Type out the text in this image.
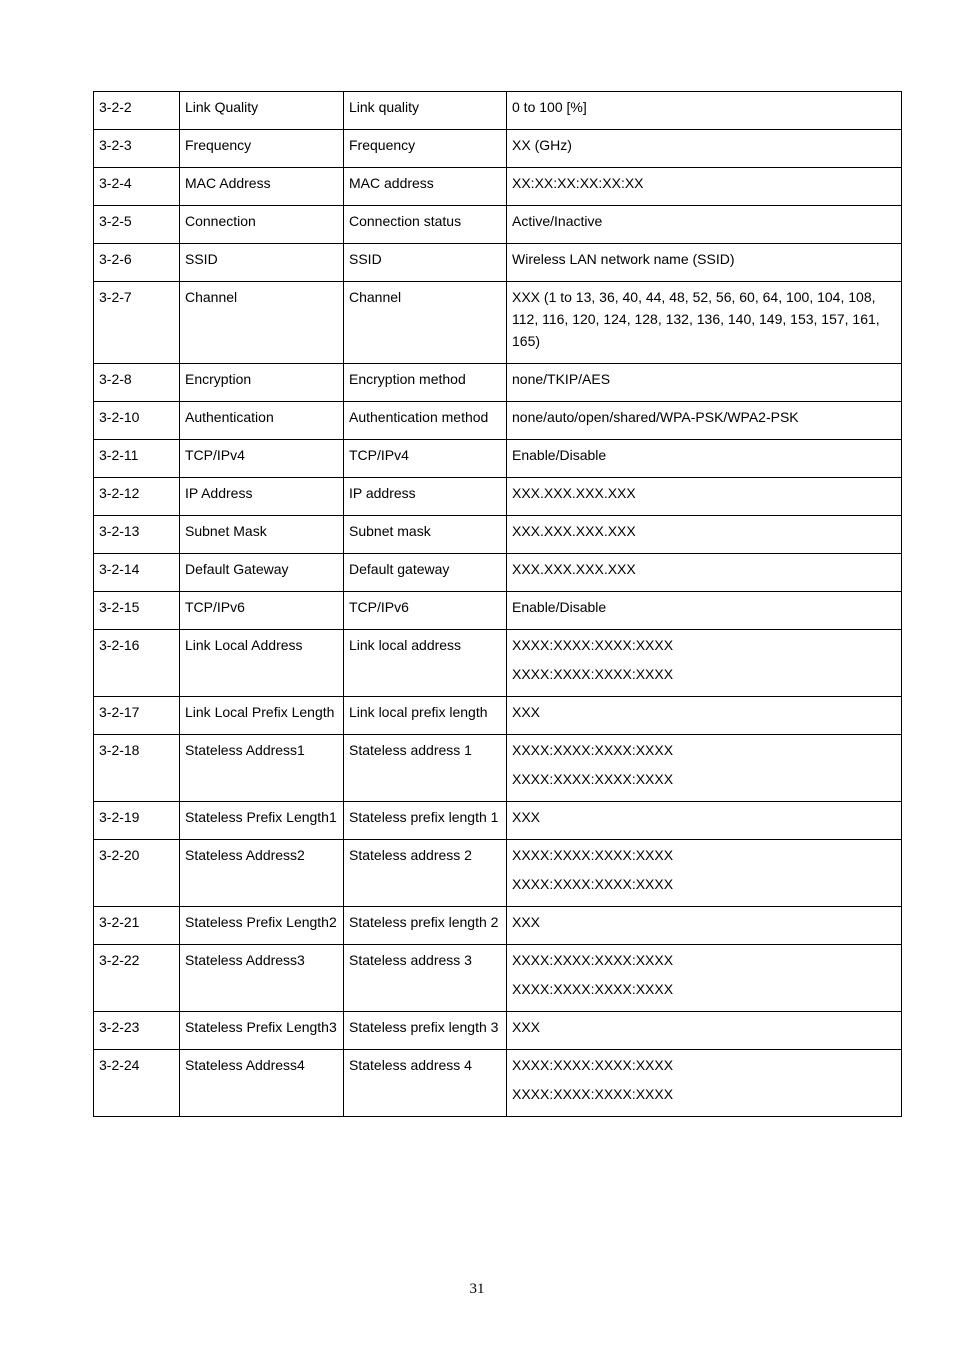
3-2-2	Link Quality	Link quality	0 to 100 [%]

3-2-3	Frequency	Frequency	XX (GHz)

3-2-4	MAC Address	MAC address	XX:XX:XX:XX:XX:XX

3-2-5	Connection	Connection status	Active/Inactive

3-2-6	SSID	SSID	Wireless LAN network name (SSID)

3-2-7	Channel	Channel	XXX (1 to 13, 36, 40, 44, 48, 52, 56, 60, 64, 100, 104, 108, 112, 116, 120, 124, 128, 132, 136, 140, 149, 153, 157, 161, 165)

3-2-8	Encryption	Encryption method	none/TKIP/AES

3-2-10	Authentication	Authentication method	none/auto/open/shared/WPA-PSK/WPA2-PSK

3-2-11	TCP/IPv4	TCP/IPv4	Enable/Disable

3-2-12	IP Address	IP address	XXX.XXX.XXX.XXX

3-2-13	Subnet Mask	Subnet mask	XXX.XXX.XXX.XXX

3-2-14	Default Gateway	Default gateway	XXX.XXX.XXX.XXX

3-2-15	TCP/IPv6	TCP/IPv6	Enable/Disable

3-2-16	Link Local Address	Link local address	XXXX:XXXX:XXXX:XXXX
XXXX:XXXX:XXXX:XXXX

3-2-17	Link Local Prefix Length	Link local prefix length	XXX

3-2-18	Stateless Address1	Stateless address 1	XXXX:XXXX:XXXX:XXXX
XXXX:XXXX:XXXX:XXXX

3-2-19	Stateless Prefix Length1	Stateless prefix length 1	XXX

3-2-20	Stateless Address2	Stateless address 2	XXXX:XXXX:XXXX:XXXX
XXXX:XXXX:XXXX:XXXX

3-2-21	Stateless Prefix Length2	Stateless prefix length 2	XXX

3-2-22	Stateless Address3	Stateless address 3	XXXX:XXXX:XXXX:XXXX
XXXX:XXXX:XXXX:XXXX

3-2-23	Stateless Prefix Length3	Stateless prefix length 3	XXX

3-2-24	Stateless Address4	Stateless address 4	XXXX:XXXX:XXXX:XXXX
XXXX:XXXX:XXXX:XXXX
31
